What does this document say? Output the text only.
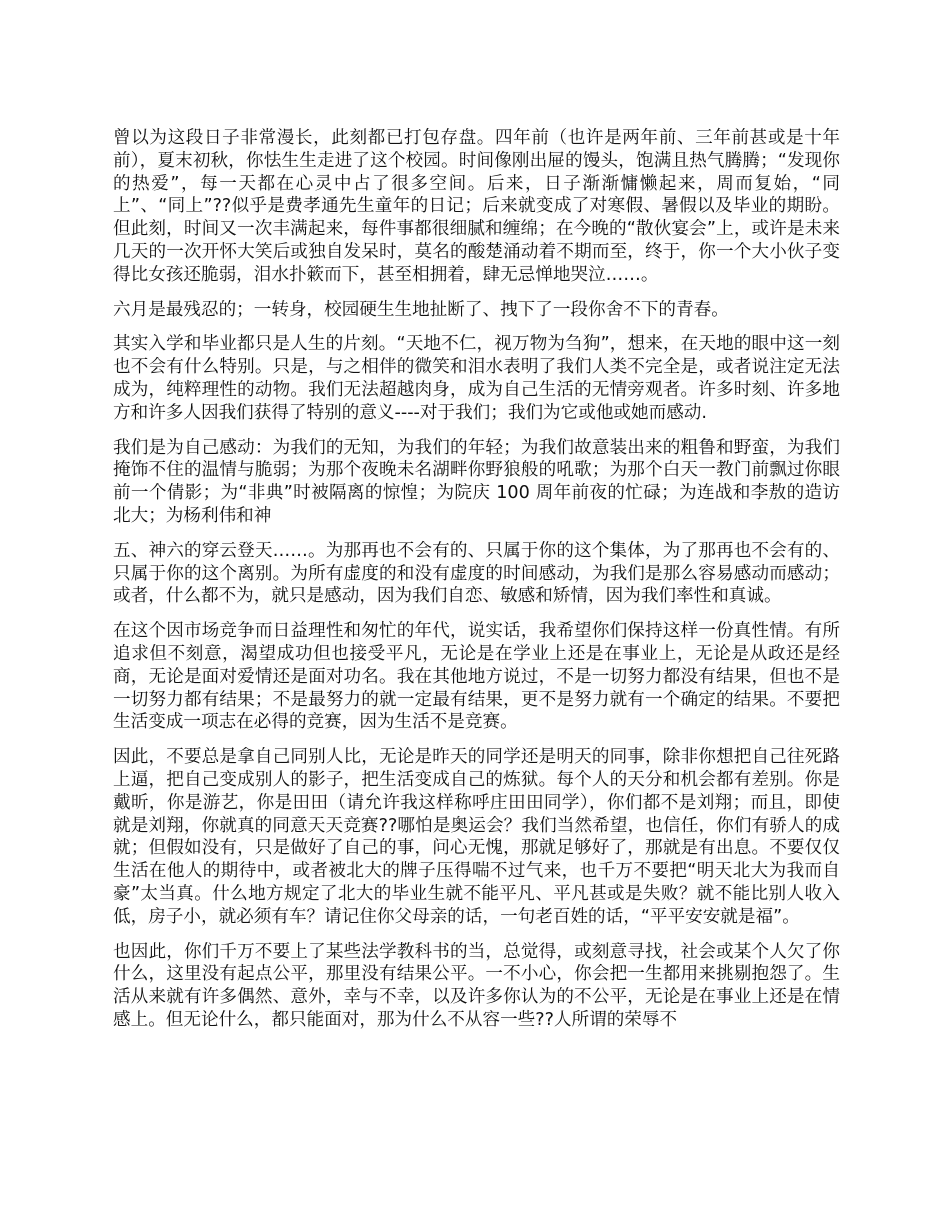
曾以为这段日子非常漫长，此刻都已打包存盘。四年前（也许是两年前、三年前甚或是十年前），夏末初秋，你怯生生走进了这个校园。时间像刚出屉的馒头，饱满且热气腾腾；“发现你的热爱”，每一天都在心灵中占了很多空间。后来，日子渐渐慵懒起来，周而复始，“同上”、“同上”??似乎是费孝通先生童年的日记；后来就变成了对寒假、暑假以及毕业的期盼。但此刻，时间又一次丰满起来，每件事都很细腻和缠绵；在今晚的“散伙宴会”上，或许是未来几天的一次开怀大笑后或独自发呆时，莫名的酸楚涌动着不期而至，终于，你一个大小伙子变得比女孩还脆弱，泪水扑簌而下，甚至相拥着，肆无忌惮地哭泣……。

六月是最残忍的；一转身，校园硬生生地扯断了、拽下了一段你舍不下的青春。

其实入学和毕业都只是人生的片刻。“天地不仁，视万物为刍狗”，想来，在天地的眼中这一刻也不会有什么特别。只是，与之相伴的微笑和泪水表明了我们人类不完全是，或者说注定无法成为，纯粹理性的动物。我们无法超越肉身，成为自己生活的无情旁观者。许多时刻、许多地方和许多人因我们获得了特别的意义----对于我们；我们为它或他或她而感动.

我们是为自己感动：为我们的无知，为我们的年轻；为我们故意装出来的粗鲁和野蛮，为我们掩饰不住的温情与脆弱；为那个夜晚未名湖畔你野狼般的吼歌；为那个白天一教门前飘过你眼前一个倩影；为“非典”时被隔离的惊惶；为院庆 100 周年前夜的忙碌；为连战和李敖的造访北大；为杨利伟和神

五、神六的穿云登天……。为那再也不会有的、只属于你的这个集体，为了那再也不会有的、只属于你的这个离别。为所有虚度的和没有虚度的时间感动，为我们是那么容易感动而感动；或者，什么都不为，就只是感动，因为我们自恋、敏感和矫情，因为我们率性和真诚。

在这个因市场竞争而日益理性和匆忙的年代，说实话，我希望你们保持这样一份真性情。有所追求但不刻意，渴望成功但也接受平凡，无论是在学业上还是在事业上，无论是从政还是经商，无论是面对爱情还是面对功名。我在其他地方说过，不是一切努力都没有结果，但也不是一切努力都有结果；不是最努力的就一定最有结果，更不是努力就有一个确定的结果。不要把生活变成一项志在必得的竞赛，因为生活不是竞赛。

因此，不要总是拿自己同别人比，无论是昨天的同学还是明天的同事，除非你想把自己往死路上逼，把自己变成别人的影子，把生活变成自己的炼狱。每个人的天分和机会都有差别。你是戴昕，你是游艺，你是田田（请允许我这样称呼庄田田同学），你们都不是刘翔；而且，即使就是刘翔，你就真的同意天天竞赛??哪怕是奥运会？我们当然希望，也信任，你们有骄人的成就；但假如没有，只是做好了自己的事，问心无愧，那就足够好了，那就是有出息。不要仅仅生活在他人的期待中，或者被北大的牌子压得喘不过气来，也千万不要把“明天北大为我而自豪”太当真。什么地方规定了北大的毕业生就不能平凡、平凡甚或是失败？就不能比别人收入低，房子小，就必须有车？请记住你父母亲的话，一句老百姓的话，“平平安安就是福”。

也因此，你们千万不要上了某些法学教科书的当，总觉得，或刻意寻找，社会或某个人欠了你什么，这里没有起点公平，那里没有结果公平。一不小心，你会把一生都用来挑剔抱怨了。生活从来就有许多偶然、意外，幸与不幸，以及许多你认为的不公平，无论是在事业上还是在情感上。但无论什么，都只能面对，那为什么不从容一些??人所谓的荣辱不
